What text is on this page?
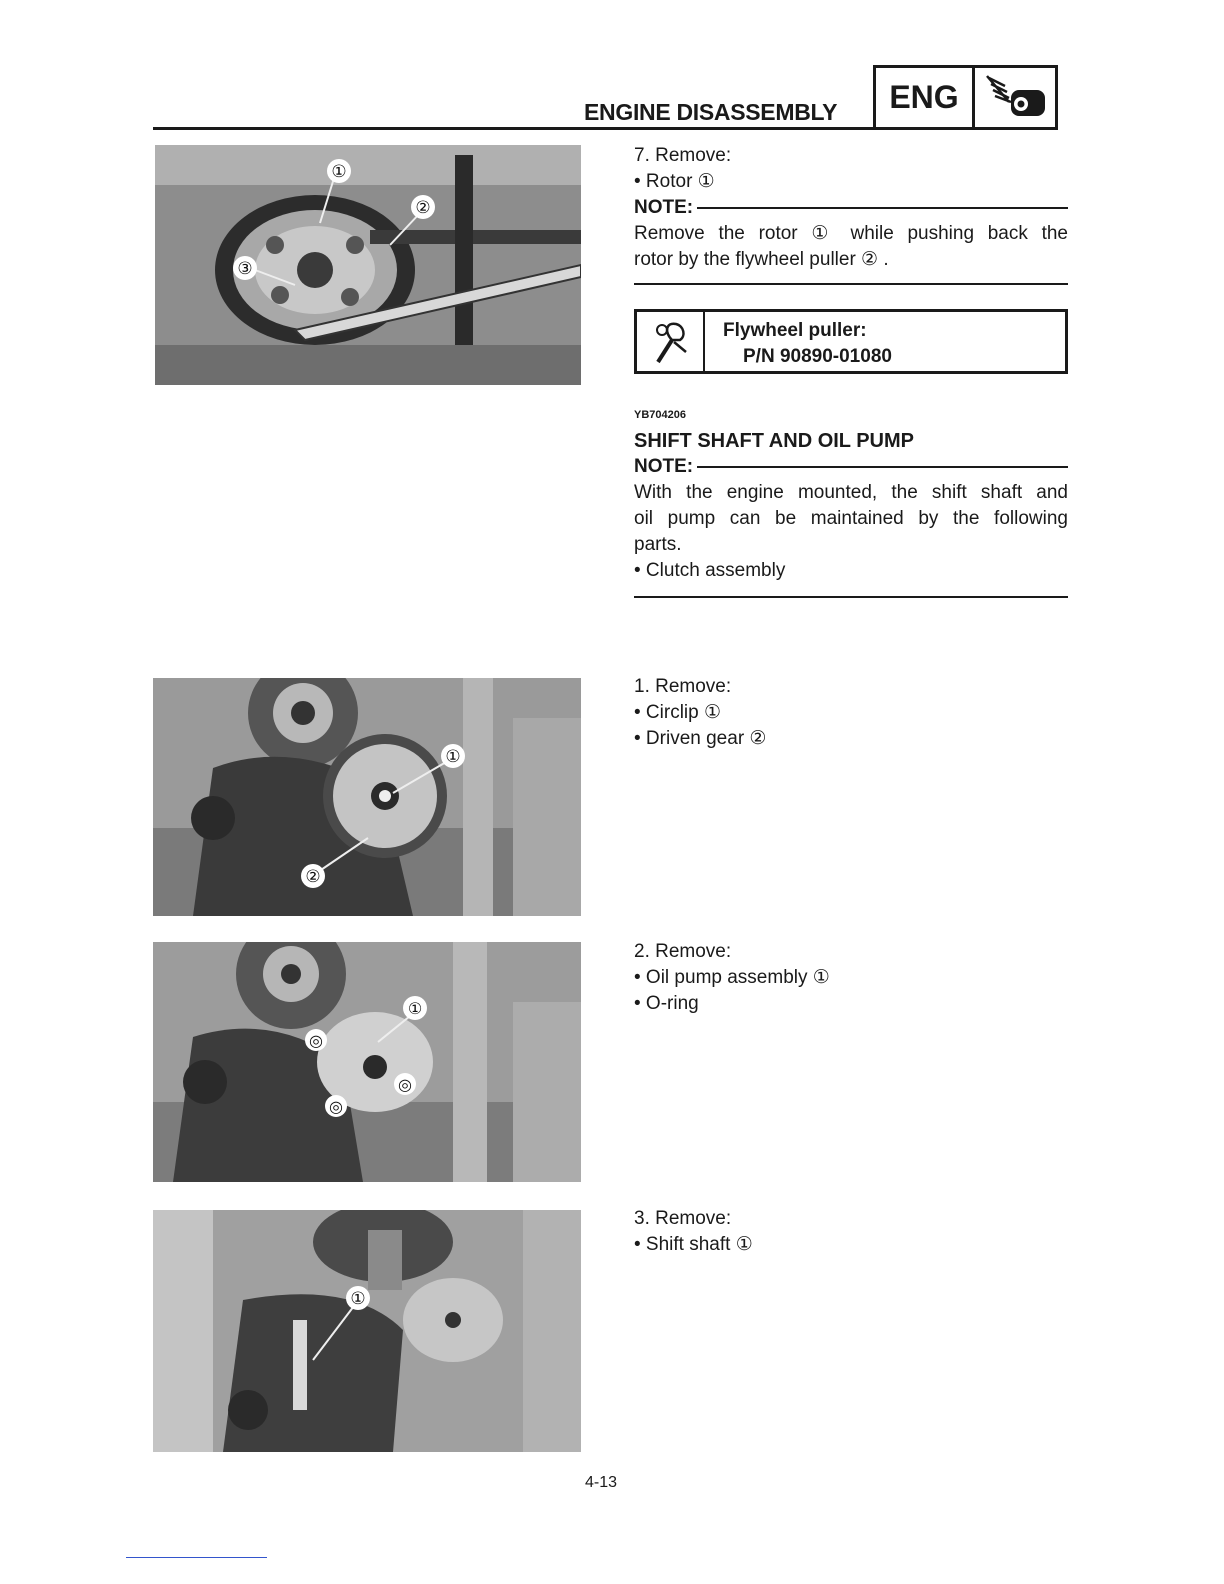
ENGINE DISASSEMBLY	ENG
①
②
③
7. Remove:
• Rotor ①
NOTE:
Remove the rotor ① while pushing back the
rotor by the flywheel puller ② .
Flywheel puller:
P/N 90890-01080
YB704206
SHIFT SHAFT AND OIL PUMP
NOTE:
With the engine mounted, the shift shaft and
oil pump can be maintained by the following
parts.
• Clutch assembly
①
②
1. Remove:
• Circlip ①
• Driven gear ②
①
◎
◎
◎
2. Remove:
• Oil pump assembly ①
• O-ring
①
3. Remove:
• Shift shaft ①
4-13
